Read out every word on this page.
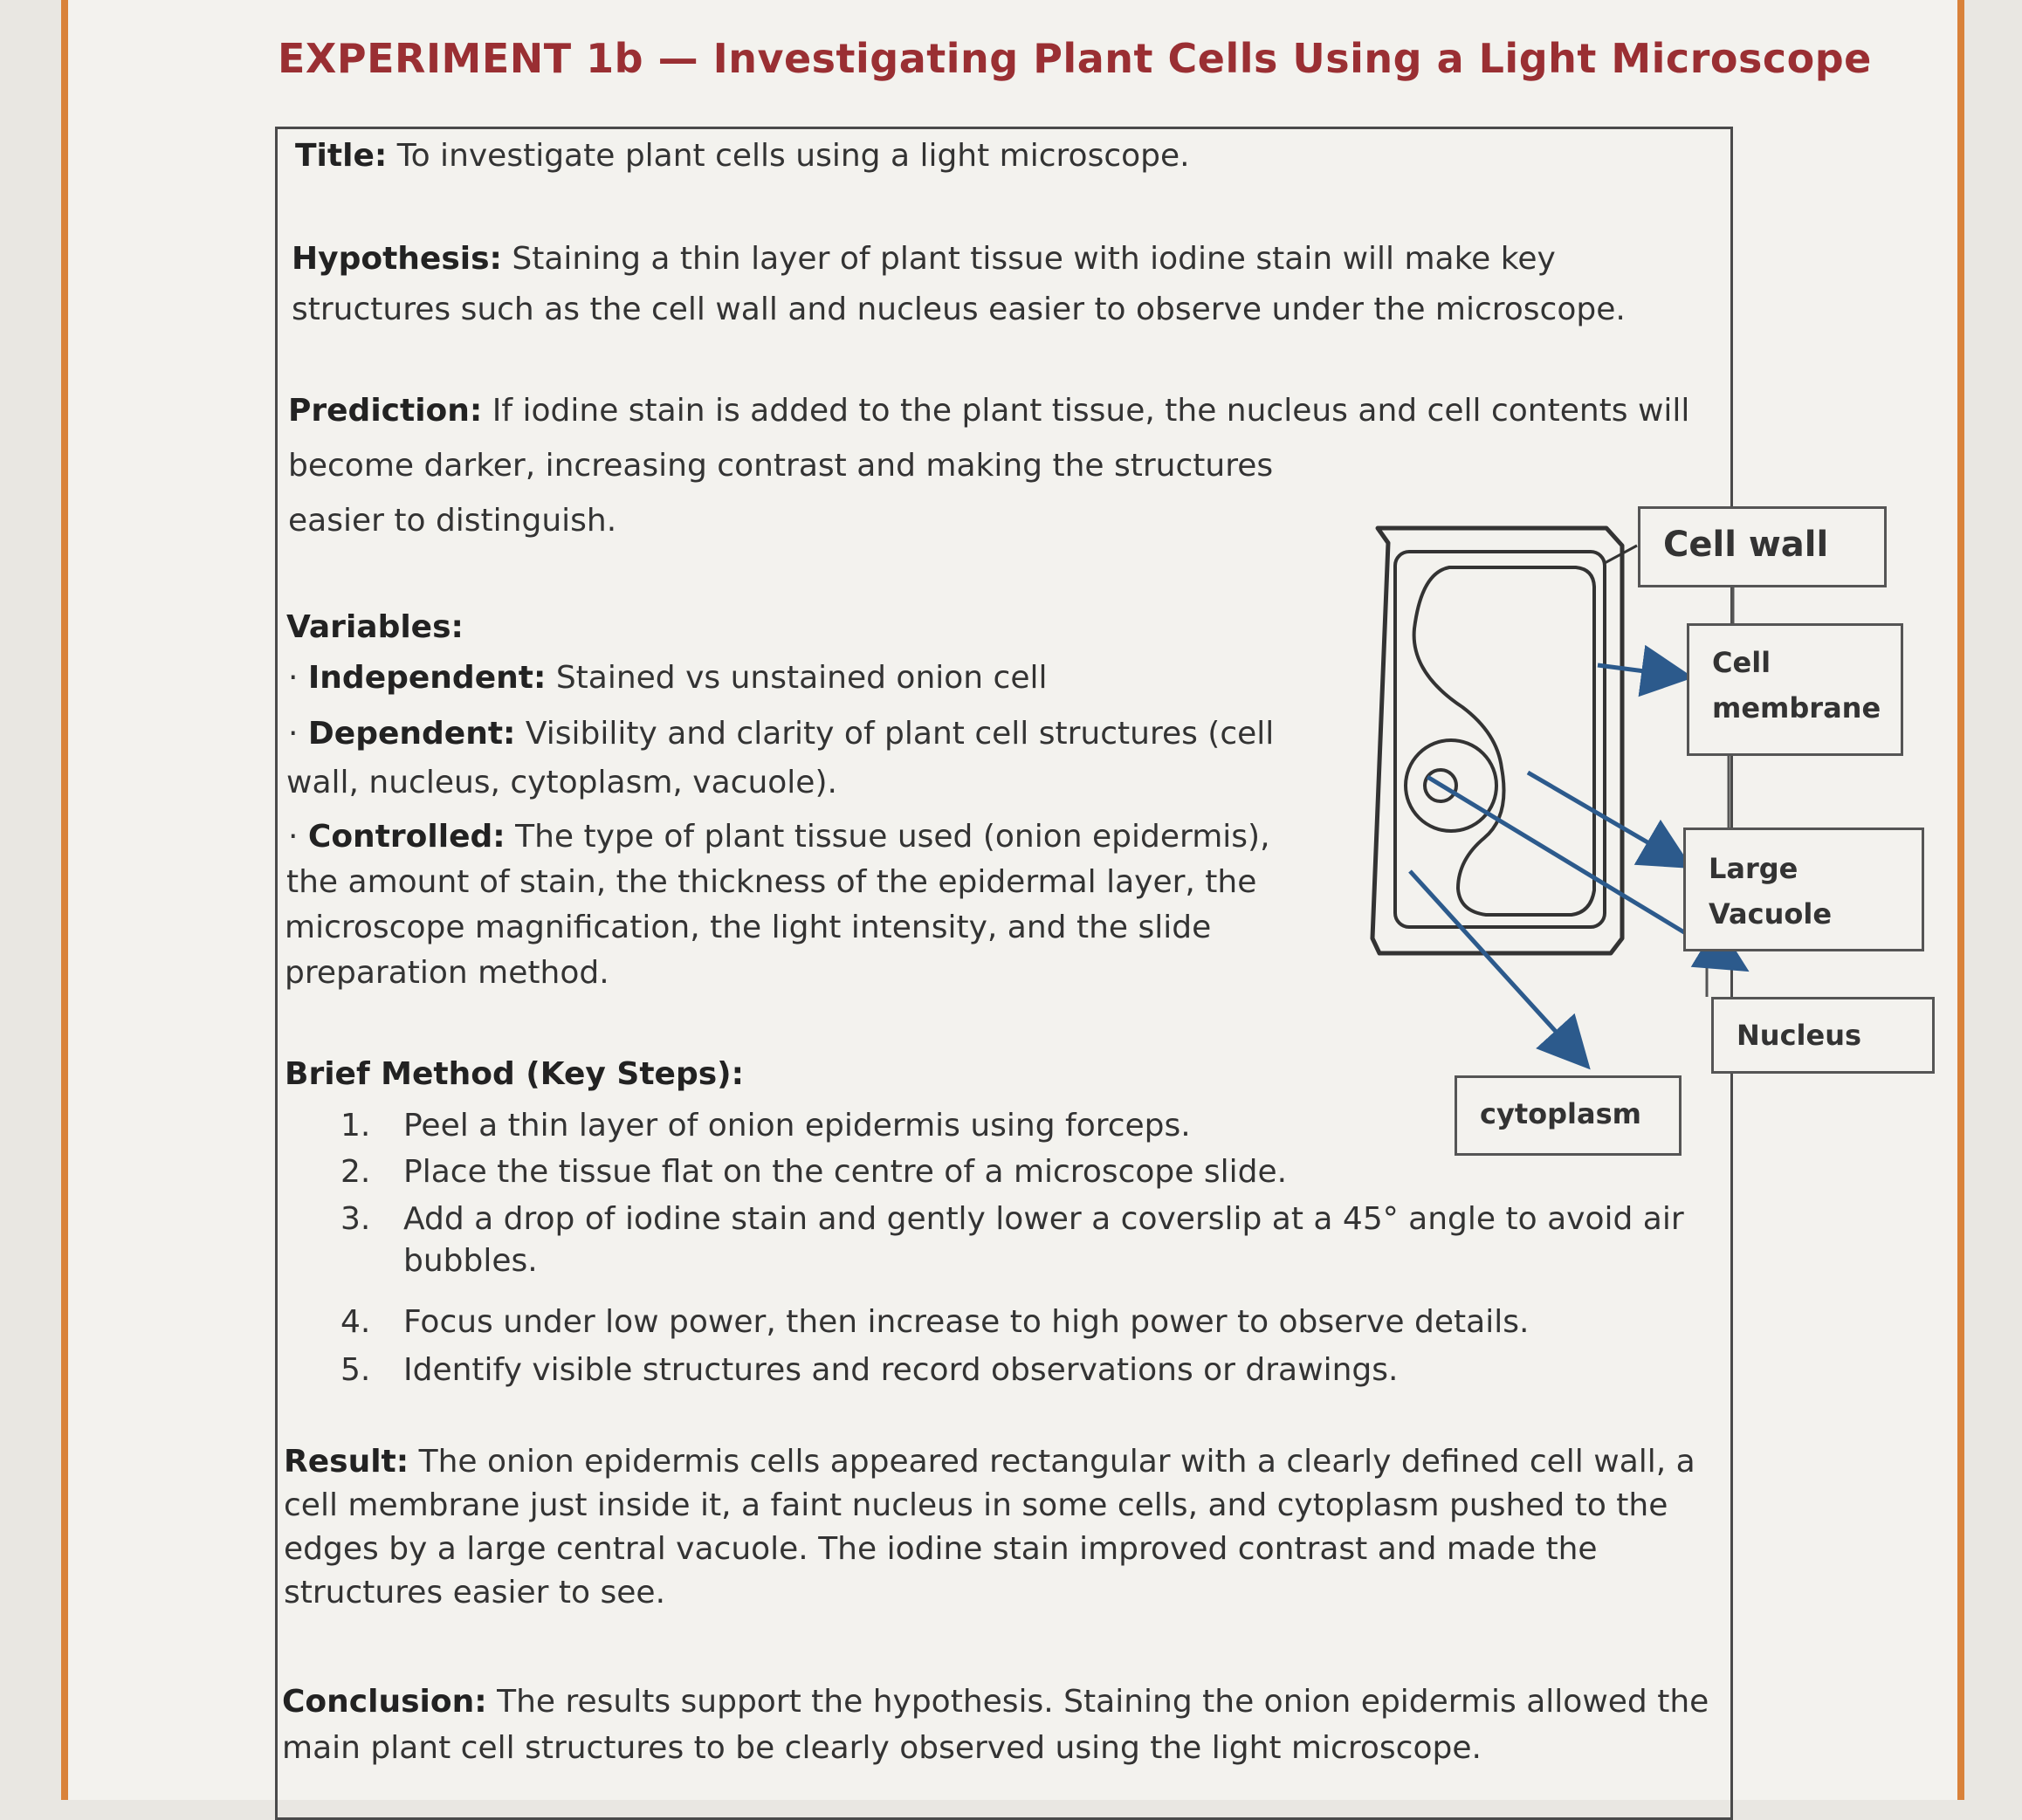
EXPERIMENT 1b — Investigating Plant Cells Using a Light Microscope
Title: To investigate plant cells using a light microscope.
Hypothesis: Staining a thin layer of plant tissue with iodine stain will make key
structures such as the cell wall and nucleus easier to observe under the microscope.
Prediction: If iodine stain is added to the plant tissue, the nucleus and cell contents will
become darker, increasing contrast and making the structures
easier to distinguish.
Variables:
· Independent: Stained vs unstained onion cell
· Dependent: Visibility and clarity of plant cell structures (cell
wall, nucleus, cytoplasm, vacuole).
· Controlled: The type of plant tissue used (onion epidermis),
the amount of stain, the thickness of the epidermal layer, the
microscope magnification, the light intensity, and the slide
preparation method.
Brief Method (Key Steps):
1. Peel a thin layer of onion epidermis using forceps.
2. Place the tissue flat on the centre of a microscope slide.
3. Add a drop of iodine stain and gently lower a coverslip at a 45° angle to avoid air
bubbles.
4. Focus under low power, then increase to high power to observe details.
5. Identify visible structures and record observations or drawings.
Result: The onion epidermis cells appeared rectangular with a clearly defined cell wall, a
cell membrane just inside it, a faint nucleus in some cells, and cytoplasm pushed to the
edges by a large central vacuole. The iodine stain improved contrast and made the
structures easier to see.
Conclusion: The results support the hypothesis. Staining the onion epidermis allowed the
main plant cell structures to be clearly observed using the light microscope.
Cell wall
Cell
membrane
Large
Vacuole
Nucleus
cytoplasm
